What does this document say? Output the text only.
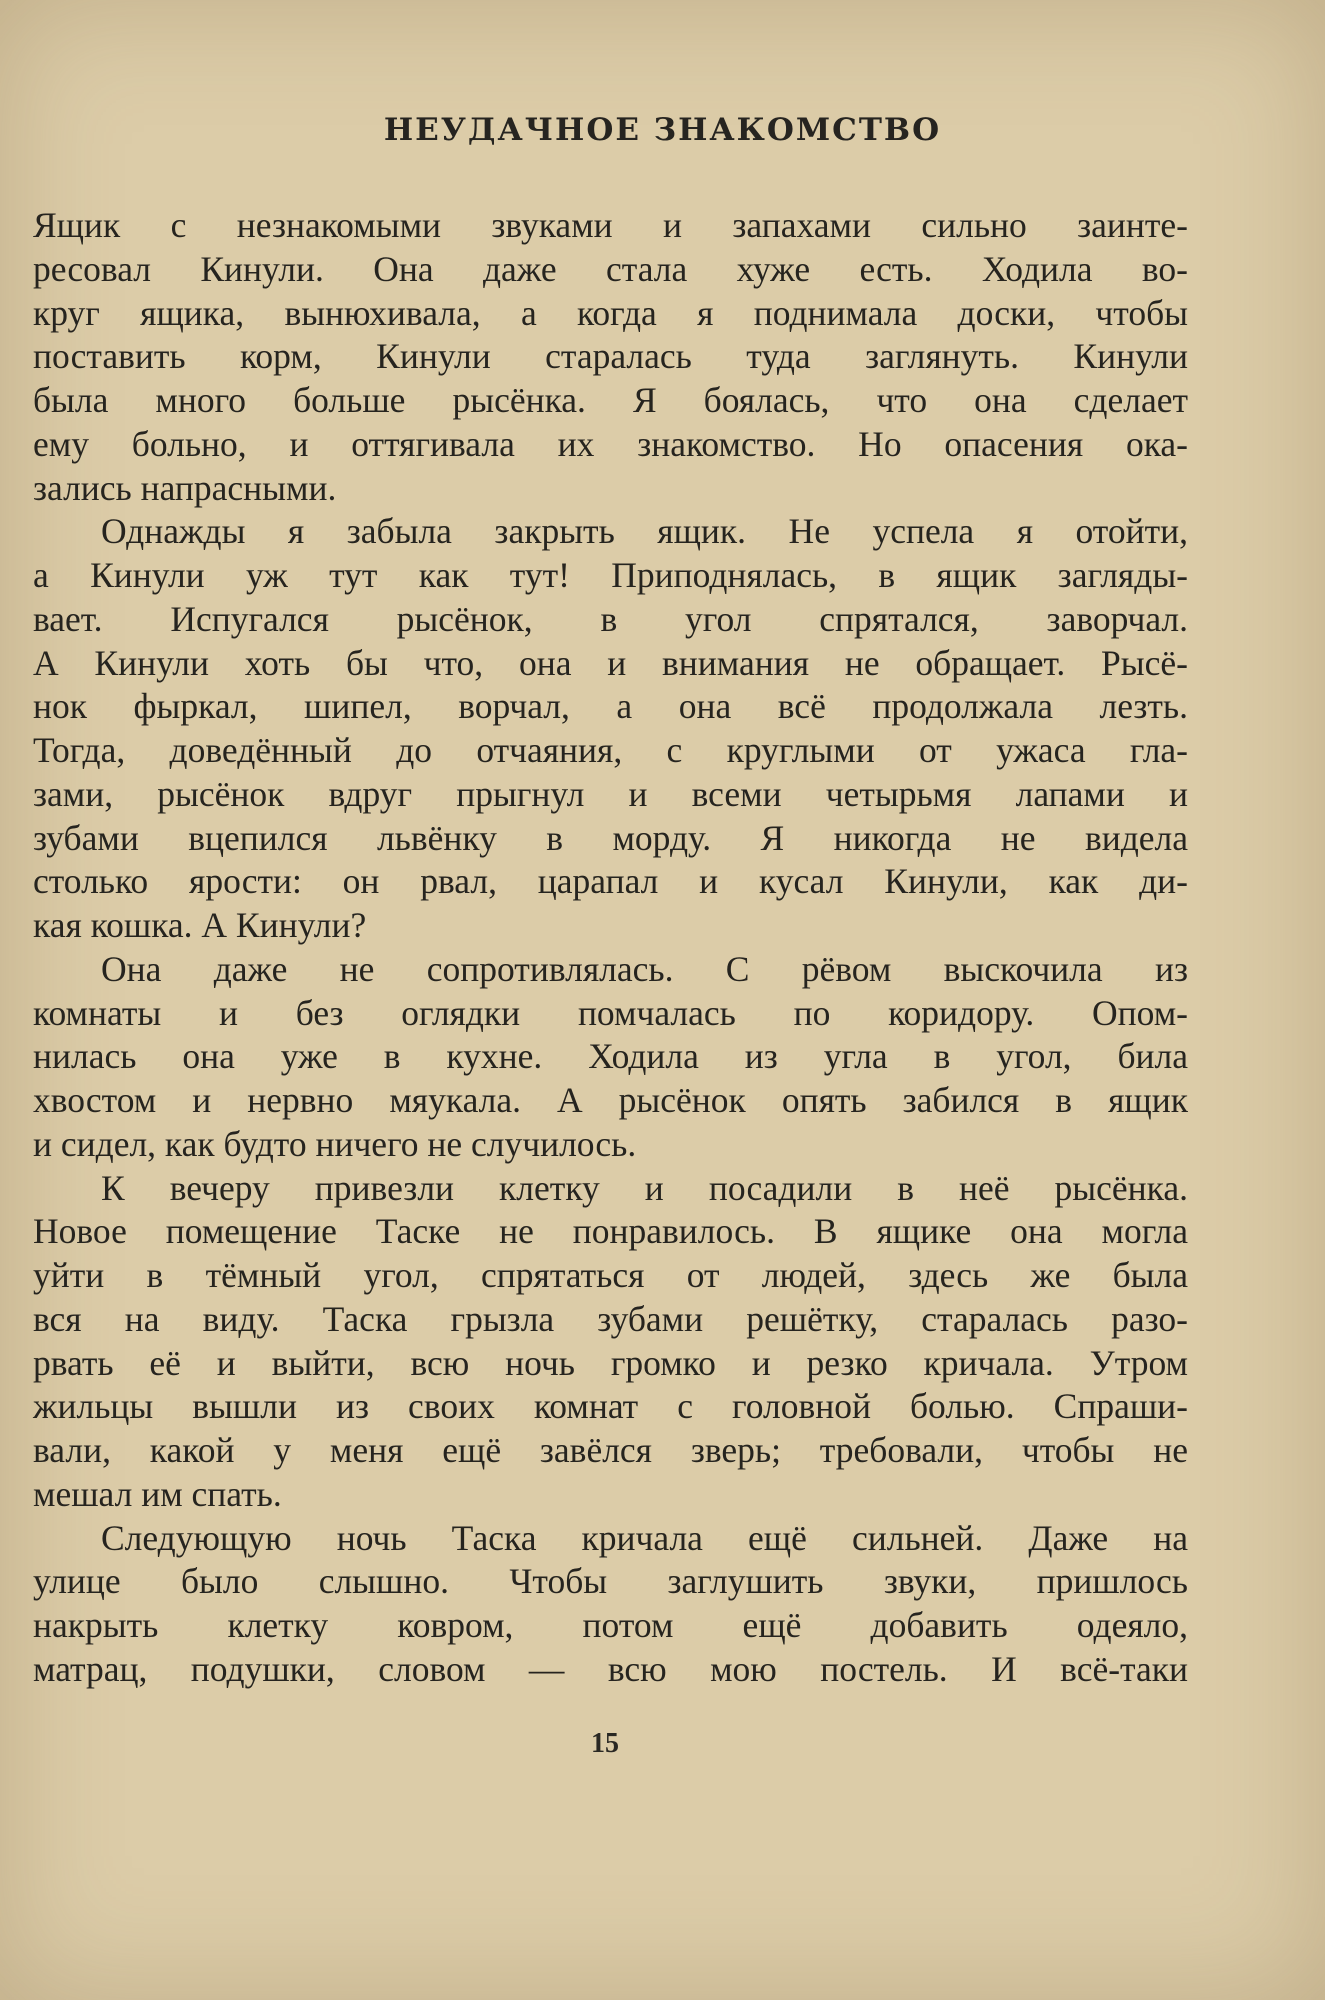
НЕУДАЧНОЕ ЗНАКОМСТВО
Ящик с незнакомыми звуками и запахами сильно заинте-
ресовал Кинули. Она даже стала хуже есть. Ходила во-
круг ящика, вынюхивала, а когда я поднимала доски, чтобы
поставить корм, Кинули старалась туда заглянуть. Кинули
была много больше рысёнка. Я боялась, что она сделает
ему больно, и оттягивала их знакомство. Но опасения ока-
зались напрасными.
Однажды я забыла закрыть ящик. Не успела я отойти,
а Кинули уж тут как тут! Приподнялась, в ящик загляды-
вает. Испугался рысёнок, в угол спрятался, заворчал.
А Кинули хоть бы что, она и внимания не обращает. Рысё-
нок фыркал, шипел, ворчал, а она всё продолжала лезть.
Тогда, доведённый до отчаяния, с круглыми от ужаса гла-
зами, рысёнок вдруг прыгнул и всеми четырьмя лапами и
зубами вцепился львёнку в морду. Я никогда не видела
столько ярости: он рвал, царапал и кусал Кинули, как ди-
кая кошка. А Кинули?
Она даже не сопротивлялась. С рёвом выскочила из
комнаты и без оглядки помчалась по коридору. Опом-
нилась она уже в кухне. Ходила из угла в угол, била
хвостом и нервно мяукала. А рысёнок опять забился в ящик
и сидел, как будто ничего не случилось.
К вечеру привезли клетку и посадили в неё рысёнка.
Новое помещение Таске не понравилось. В ящике она могла
уйти в тёмный угол, спрятаться от людей, здесь же была
вся на виду. Таска грызла зубами решётку, старалась разо-
рвать её и выйти, всю ночь громко и резко кричала. Утром
жильцы вышли из своих комнат с головной болью. Спраши-
вали, какой у меня ещё завёлся зверь; требовали, чтобы не
мешал им спать.
Следующую ночь Таска кричала ещё сильней. Даже на
улице было слышно. Чтобы заглушить звуки, пришлось
накрыть клетку ковром, потом ещё добавить одеяло,
матрац, подушки, словом — всю мою постель. И всё-таки
15
